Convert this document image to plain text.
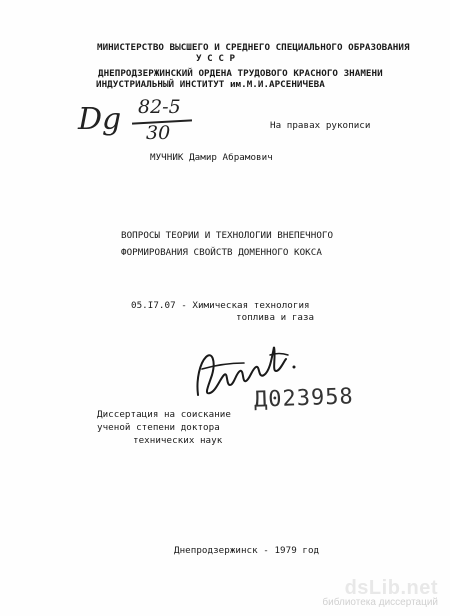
МИНИСТЕРСТВО ВЫСШЕГО И СРЕДНЕГО СПЕЦИАЛЬНОГО ОБРАЗОВАНИЯ
У С С Р
ДНЕПРОДЗЕРЖИНСКИЙ ОРДЕНА ТРУДОВОГО КРАСНОГО ЗНАМЕНИ
ИНДУСТРИАЛЬНЫЙ ИНСТИТУТ им.М.И.АРСЕНИЧЕВА
Dg 82-5
30	На правах рукописи
МУЧНИК Дамир Абрамович
ВОПРОСЫ ТЕОРИИ И ТЕХНОЛОГИИ ВНЕПЕЧНОГО
ФОРМИРОВАНИЯ СВОЙСТВ ДОМЕННОГО КОКСА
05.I7.07 - Химическая технология
топлива и газа
Д023958
Диссертация на соискание
ученой степени доктора
технических наук
Днепродзержинск - 1979 год
dsLib.net
библиотека диссертаций
